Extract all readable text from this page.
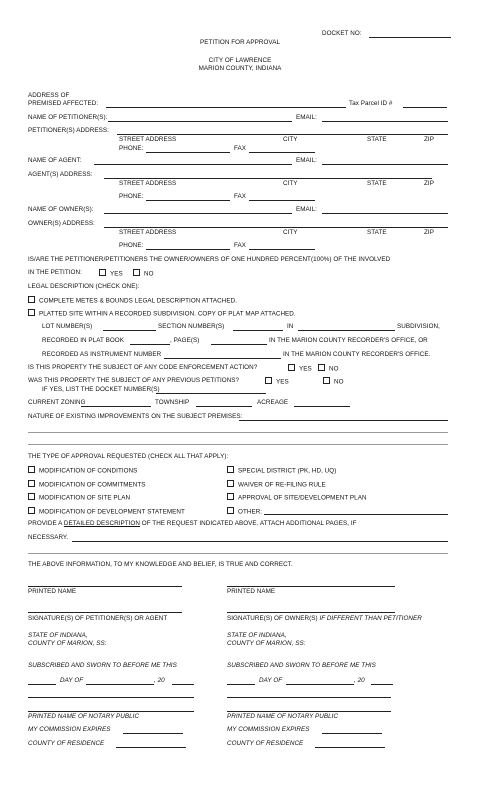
DOCKET NO:
PETITION FOR APPROVAL
CITY OF LAWRENCE
MARION COUNTY, INDIANA
ADDRESS OF
PREMISED AFFECTED:	Tax Parcel ID #
NAME OF PETITIONER(S):	EMAIL:
PETITIONER(S) ADDRESS:
STREET ADDRESS	CITY	STATE	ZIP
PHONE:	FAX
NAME OF AGENT:	EMAIL:
AGENT(S) ADDRESS:
STREET ADDRESS	CITY	STATE	ZIP
PHONE:	FAX
NAME OF OWNER(S):	EMAIL:
OWNER(S) ADDRESS:
STREET ADDRESS	CITY	STATE	ZIP
PHONE:	FAX
IS/ARE THE PETITIONER/PETITIONERS THE OWNER/OWNERS OF ONE HUNDRED PERCENT(100%) OF THE INVOLVED
IN THE PETITION:	YES	NO
LEGAL DESCRIPTION (CHECK ONE):
COMPLETE METES & BOUNDS LEGAL DESCRIPTION ATTACHED.
PLATTED SITE WITHIN A RECORDED SUBDIVISION. COPY OF PLAT MAP ATTACHED.
LOT NUMBER(S)	SECTION NUMBER(S)	IN	SUBDIVISION,
RECORDED IN PLAT BOOK	, PAGE(S)	IN THE MARION COUNTY RECORDER'S OFFICE, OR
RECORDED AS INSTRUMENT NUMBER	IN THE MARION COUNTY RECORDER'S OFFICE.
IS THIS PROPERTY THE SUBJECT OF ANY CODE ENFORCEMENT ACTION?	YES	NO
WAS THIS PROPERTY THE SUBJECT OF ANY PREVIOUS PETITIONS?	YES	NO
IF YES, LIST THE DOCKET NUMBER(S)
CURRENT ZONING	TOWNSHIP	ACREAGE
NATURE OF EXISTING IMPROVEMENTS ON THE SUBJECT PREMISES:
THE TYPE OF APPROVAL REQUESTED (CHECK ALL THAT APPLY):
MODIFICATION OF CONDITIONS
MODIFICATION OF COMMITMENTS
MODIFICATION OF SITE PLAN
MODIFICATION OF DEVELOPMENT STATEMENT
SPECIAL DISTRICT (PK, HD, UQ)
WAIVER OF RE-FILING RULE
APPROVAL OF SITE/DEVELOPMENT PLAN
OTHER:
PROVIDE A DETAILED DESCRIPTION OF THE REQUEST INDICATED ABOVE. ATTACH ADDITIONAL PAGES, IF
NECESSARY.
THE ABOVE INFORMATION, TO MY KNOWLEDGE AND BELIEF, IS TRUE AND CORRECT.
PRINTED NAME	PRINTED NAME
SIGNATURE(S) OF PETITIONER(S) OR AGENT	SIGNATURE(S) OF OWNER(S) IF DIFFERENT THAN PETITIONER
STATE OF INDIANA,
COUNTY OF MARION, SS:
STATE OF INDIANA,
COUNTY OF MARION, SS:
SUBSCRIBED AND SWORN TO BEFORE ME THIS	SUBSCRIBED AND SWORN TO BEFORE ME THIS
DAY OF	, 20	DAY OF	, 20
PRINTED NAME OF NOTARY PUBLIC	PRINTED NAME OF NOTARY PUBLIC
MY COMMISSION EXPIRES	MY COMMISSION EXPIRES
COUNTY OF RESIDENCE	COUNTY OF RESIDENCE
